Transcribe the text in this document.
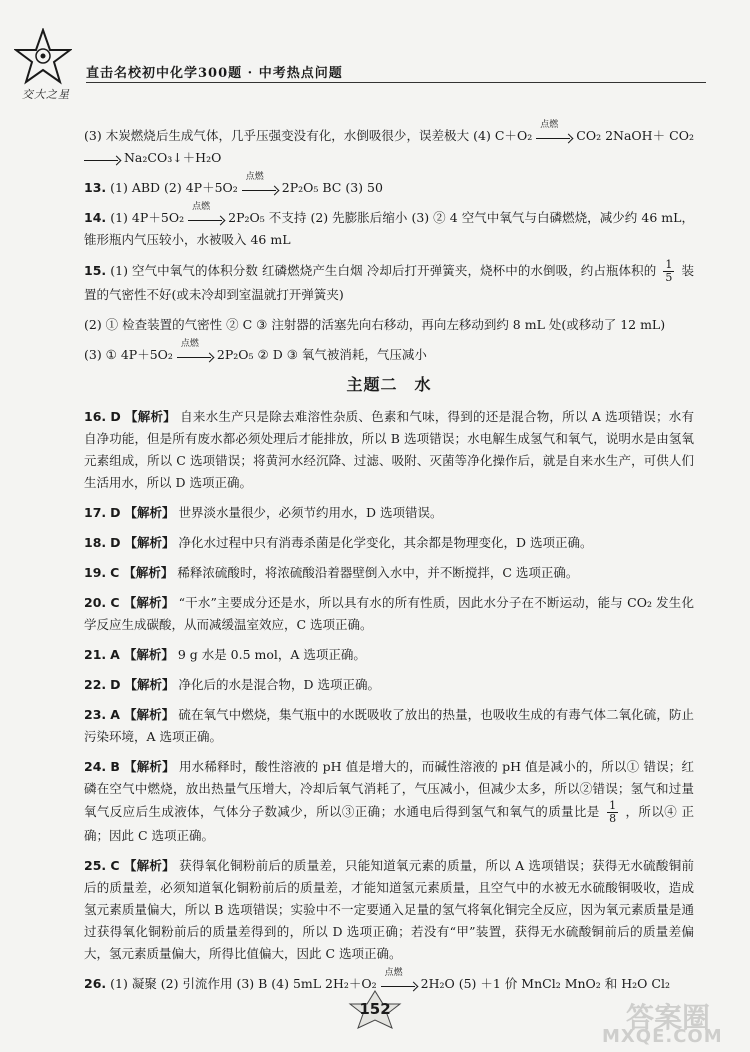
交大之星
直击名校初中化学300题 · 中考热点问题

(3) 木炭燃烧后生成气体，几乎压强变没有化，水倒吸很少，误差极大 (4) C＋O₂
点燃
CO₂ 2NaOH＋ CO₂  Na₂CO₃↓＋H₂O

13. (1) ABD (2) 4P＋5O₂
点燃
2P₂O₅ BC (3) 50

14. (1) 4P＋5O₂
点燃
2P₂O₅ 不支持 (2) 先膨胀后缩小 (3) ② 4 空气中氧气与白磷燃烧，减少约 46 mL，锥形瓶内气压较小，水被吸入 46 mL

15. (1) 空气中氧气的体积分数 红磷燃烧产生白烟 冷却后打开弹簧夹，烧杯中的水倒吸，约占瓶体积的 $\frac{1}{5}$ 装置的气密性不好(或未冷却到室温就打开弹簧夹)

(2) ① 检查装置的气密性 ② C ③ 注射器的活塞先向右移动，再向左移动到约 8 mL 处(或移动了 12 mL)

(3) ① 4P＋5O₂
点燃
2P₂O₅ ② D ③ 氧气被消耗，气压减小

主题二　水

16. D 【解析】 自来水生产只是除去难溶性杂质、色素和气味，得到的还是混合物，所以 A 选项错误；水有自净功能，但是所有废水都必须处理后才能排放，所以 B 选项错误；水电解生成氢气和氧气，说明水是由氢氧元素组成，所以 C 选项错误；将黄河水经沉降、过滤、吸附、灭菌等净化操作后，就是自来水生产，可供人们生活用水，所以 D 选项正确。

17. D 【解析】 世界淡水量很少，必须节约用水，D 选项错误。

18. D 【解析】 净化水过程中只有消毒杀菌是化学变化，其余都是物理变化，D 选项正确。

19. C 【解析】 稀释浓硫酸时，将浓硫酸沿着器壁倒入水中，并不断搅拌，C 选项正确。

20. C 【解析】 “干水”主要成分还是水，所以具有水的所有性质，因此水分子在不断运动，能与 CO₂ 发生化学反应生成碳酸，从而减缓温室效应，C 选项正确。

21. A 【解析】 9 g 水是 0.5 mol，A 选项正确。

22. D 【解析】 净化后的水是混合物，D 选项正确。

23. A 【解析】 硫在氧气中燃烧，集气瓶中的水既吸收了放出的热量，也吸收生成的有毒气体二氧化硫，防止污染环境，A 选项正确。

24. B 【解析】 用水稀释时，酸性溶液的 pH 值是增大的，而碱性溶液的 pH 值是减小的，所以① 错误；红磷在空气中燃烧，放出热量气压增大，冷却后氧气消耗了，气压减小，但减少太多，所以②错误；氢气和过量氧气反应后生成液体，气体分子数减少，所以③正确；水通电后得到氢气和氧气的质量比是 $\frac{1}{8}$ ，所以④ 正确；因此 C 选项正确。

25. C 【解析】 获得氧化铜粉前后的质量差，只能知道氧元素的质量，所以 A 选项错误；获得无水硫酸铜前后的质量差，必须知道氧化铜粉前后的质量差，才能知道氢元素质量，且空气中的水被无水硫酸铜吸收，造成氢元素质量偏大，所以 B 选项错误；实验中不一定要通入足量的氢气将氧化铜完全反应，因为氧元素质量是通过获得氧化铜粉前后的质量差得到的，所以 D 选项正确；若没有“甲”装置，获得无水硫酸铜前后的质量差偏大，氢元素质量偏大，所得比值偏大，因此 C 选项正确。

26. (1) 凝聚 (2) 引流作用 (3) B (4) 5mL 2H₂＋O₂
点燃
2H₂O (5) ＋1 价 MnCl₂ MnO₂ 和 H₂O Cl₂

152	答案圈
MXQE.COM
